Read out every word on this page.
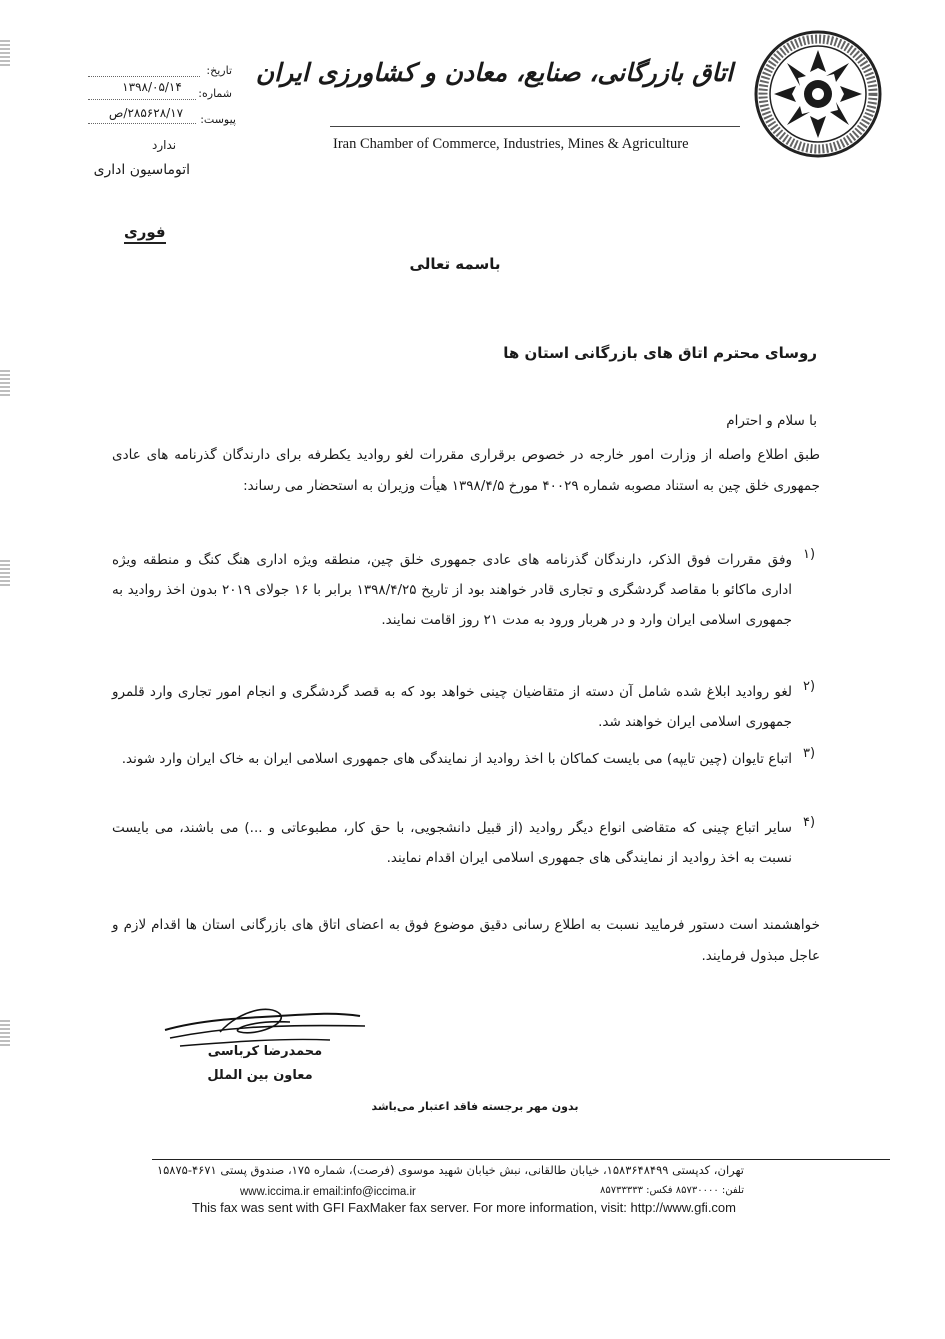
اتاق بازرگانی، صنایع، معادن و کشاورزی ایران
Iran Chamber of Commerce, Industries, Mines & Agriculture
تاریخ:
شماره:
۱۳۹۸/۰۵/۱۴
پیوست:
۲۸۵۶۲۸/۱۷/ص
ندارد
اتوماسیون اداری
فوری
باسمه تعالی
روسای محترم اتاق های بازرگانی استان ها
با سلام و احترام
طبق اطلاع واصله از وزارت امور خارجه در خصوص برقراری مقررات لغو روادید یکطرفه برای دارندگان گذرنامه های عادی جمهوری خلق چین به استناد مصوبه شماره ۴۰۰۲۹ مورخ ۱۳۹۸/۴/۵ هیأت وزیران به استحضار می رساند:
۱)
وفق مقررات فوق الذکر، دارندگان گذرنامه های عادی جمهوری خلق چین، منطقه ویژه اداری هنگ کنگ و منطقه ویژه اداری ماکائو با مقاصد گردشگری و تجاری قادر خواهند بود از تاریخ ۱۳۹۸/۴/۲۵ برابر با ۱۶ جولای ۲۰۱۹ بدون اخذ روادید به جمهوری اسلامی ایران وارد و در هربار ورود به مدت ۲۱ روز اقامت نمایند.
۲)
لغو روادید ابلاغ شده شامل آن دسته از متقاضیان چینی خواهد بود که به قصد گردشگری و انجام امور تجاری وارد قلمرو جمهوری اسلامی ایران خواهند شد.
۳)
اتباع تایوان (چین تایپه) می بایست کماکان با اخذ روادید از نمایندگی های جمهوری اسلامی ایران به خاک ایران وارد شوند.
۴)
سایر اتباع چینی که متقاضی انواع دیگر روادید (از قبیل دانشجویی، با حق کار، مطبوعاتی و ...) می باشند، می بایست نسبت به اخذ روادید از نمایندگی های جمهوری اسلامی ایران اقدام نمایند.
خواهشمند است دستور فرمایید نسبت به اطلاع رسانی دقیق موضوع فوق به اعضای اتاق های بازرگانی استان ها اقدام لازم و عاجل مبذول فرمایند.
محمدرضا کرباسی
معاون بین الملل
بدون مهر برجسته فاقد اعتبار می‌باشد
تهران، کدپستی ۱۵۸۳۶۴۸۴۹۹، خیابان طالقانی، نبش خیابان شهید موسوی (فرصت)، شماره ۱۷۵، صندوق پستی ۴۶۷۱-۱۵۸۷۵
تلفن: ۸۵۷۳۰۰۰۰ فکس: ۸۵۷۳۳۳۳۳
www.iccima.ir email:info@iccima.ir
This fax was sent with GFI FaxMaker fax server. For more information, visit: http://www.gfi.com
